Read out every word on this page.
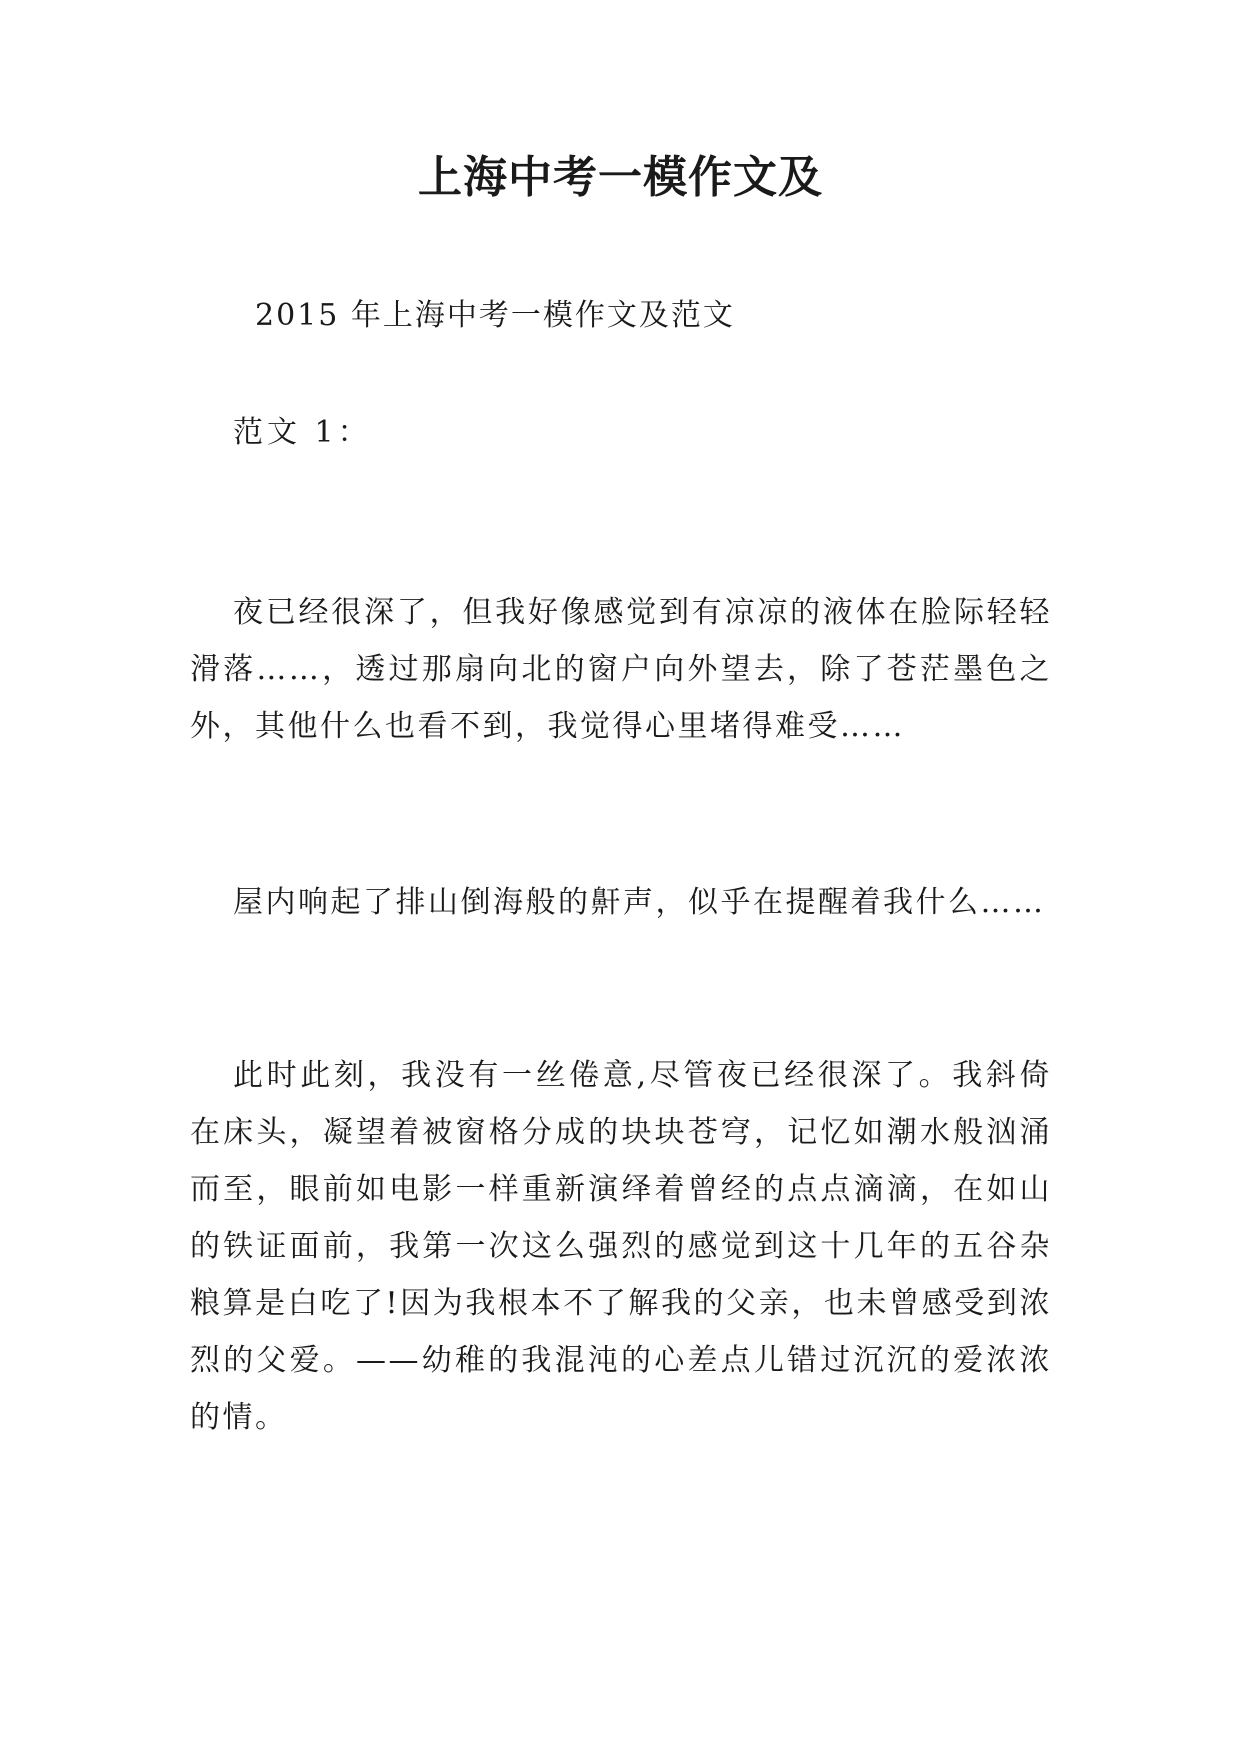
上海中考一模作文及
2015 年上海中考一模作文及范文
范文 1：

夜已经很深了，但我好像感觉到有凉凉的液体在脸际轻轻滑落……，透过那扇向北的窗户向外望去，除了苍茫墨色之外，其他什么也看不到，我觉得心里堵得难受……

屋内响起了排山倒海般的鼾声，似乎在提醒着我什么……

此时此刻，我没有一丝倦意,尽管夜已经很深了。我斜倚在床头，凝望着被窗格分成的块块苍穹，记忆如潮水般汹涌而至，眼前如电影一样重新演绎着曾经的点点滴滴，在如山的铁证面前，我第一次这么强烈的感觉到这十几年的五谷杂粮算是白吃了!因为我根本不了解我的父亲，也未曾感受到浓烈的父爱。——幼稚的我混沌的心差点儿错过沉沉的爱浓浓的情。
